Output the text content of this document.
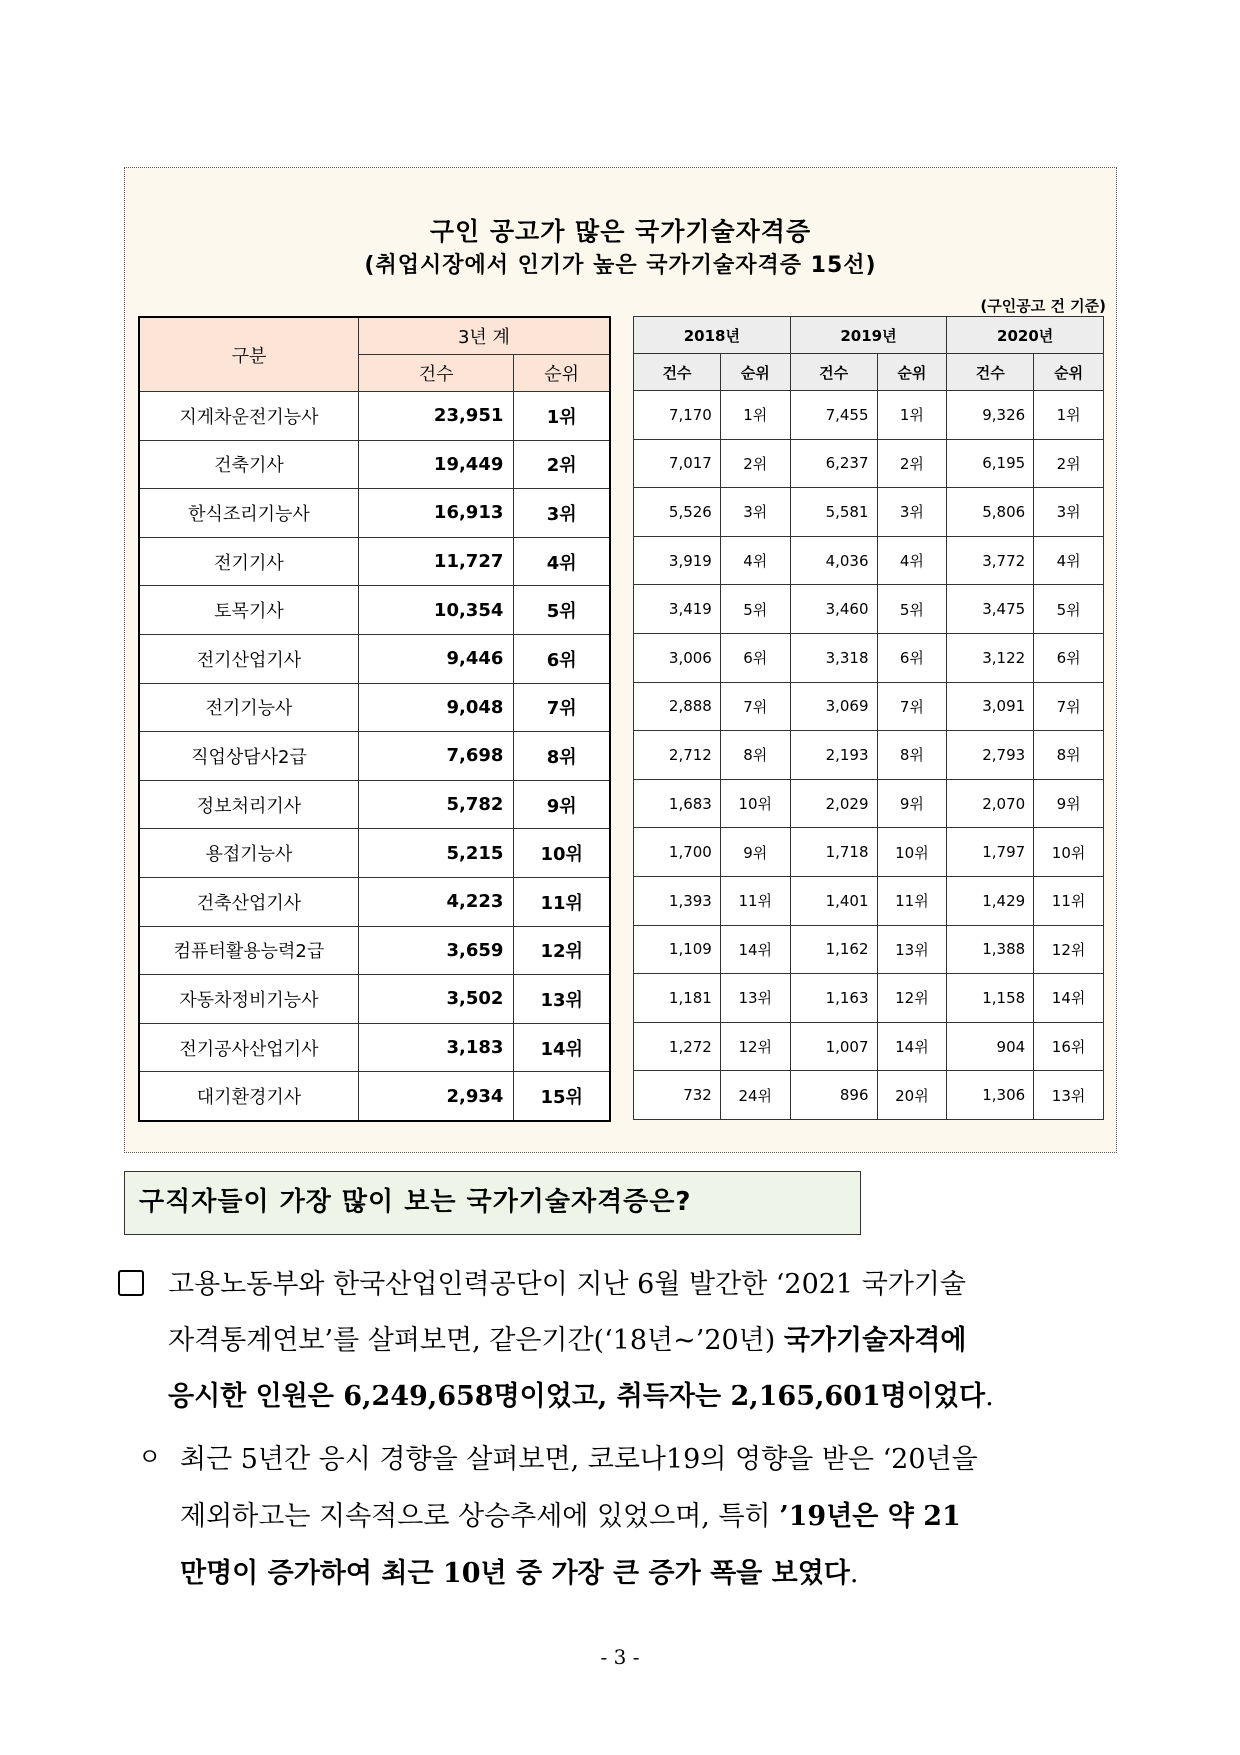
구인 공고가 많은 국가기술자격증
(취업시장에서 인기가 높은 국가기술자격증 15선)
(구인공고 건 기준)
구분	3년 계	
	건수	순위
지게차운전기능사	23,951	1위
건축기사	19,449	2위
한식조리기능사	16,913	3위
전기기사	11,727	4위
토목기사	10,354	5위
전기산업기사	9,446	6위
전기기능사	9,048	7위
직업상담사2급	7,698	8위
정보처리기사	5,782	9위
용접기능사	5,215	10위
건축산업기사	4,223	11위
컴퓨터활용능력2급	3,659	12위
자동차정비기능사	3,502	13위
전기공사산업기사	3,183	14위
대기환경기사	2,934	15위
2018년		2019년		2020년	
건수	순위	건수	순위	건수	순위
7,170	1위	7,455	1위	9,326	1위
7,017	2위	6,237	2위	6,195	2위
5,526	3위	5,581	3위	5,806	3위
3,919	4위	4,036	4위	3,772	4위
3,419	5위	3,460	5위	3,475	5위
3,006	6위	3,318	6위	3,122	6위
2,888	7위	3,069	7위	3,091	7위
2,712	8위	2,193	8위	2,793	8위
1,683	10위	2,029	9위	2,070	9위
1,700	9위	1,718	10위	1,797	10위
1,393	11위	1,401	11위	1,429	11위
1,109	14위	1,162	13위	1,388	12위
1,181	13위	1,163	12위	1,158	14위
1,272	12위	1,007	14위	904	16위
732	24위	896	20위	1,306	13위
구직자들이 가장 많이 보는 국가기술자격증은?
고용노동부와 한국산업인력공단이 지난 6월 발간한 ‘2021 국가기술
자격통계연보’를 살펴보면, 같은기간(‘18년~’20년) 국가기술자격에
응시한 인원은 6,249,658명이었고, 취득자는 2,165,601명이었다.
ㅇ 최근 5년간 응시 경향을 살펴보면, 코로나19의 영향을 받은 ‘20년을
제외하고는 지속적으로 상승추세에 있었으며, 특히 ’19년은 약 21
만명이 증가하여 최근 10년 중 가장 큰 증가 폭을 보였다.
- 3 -
